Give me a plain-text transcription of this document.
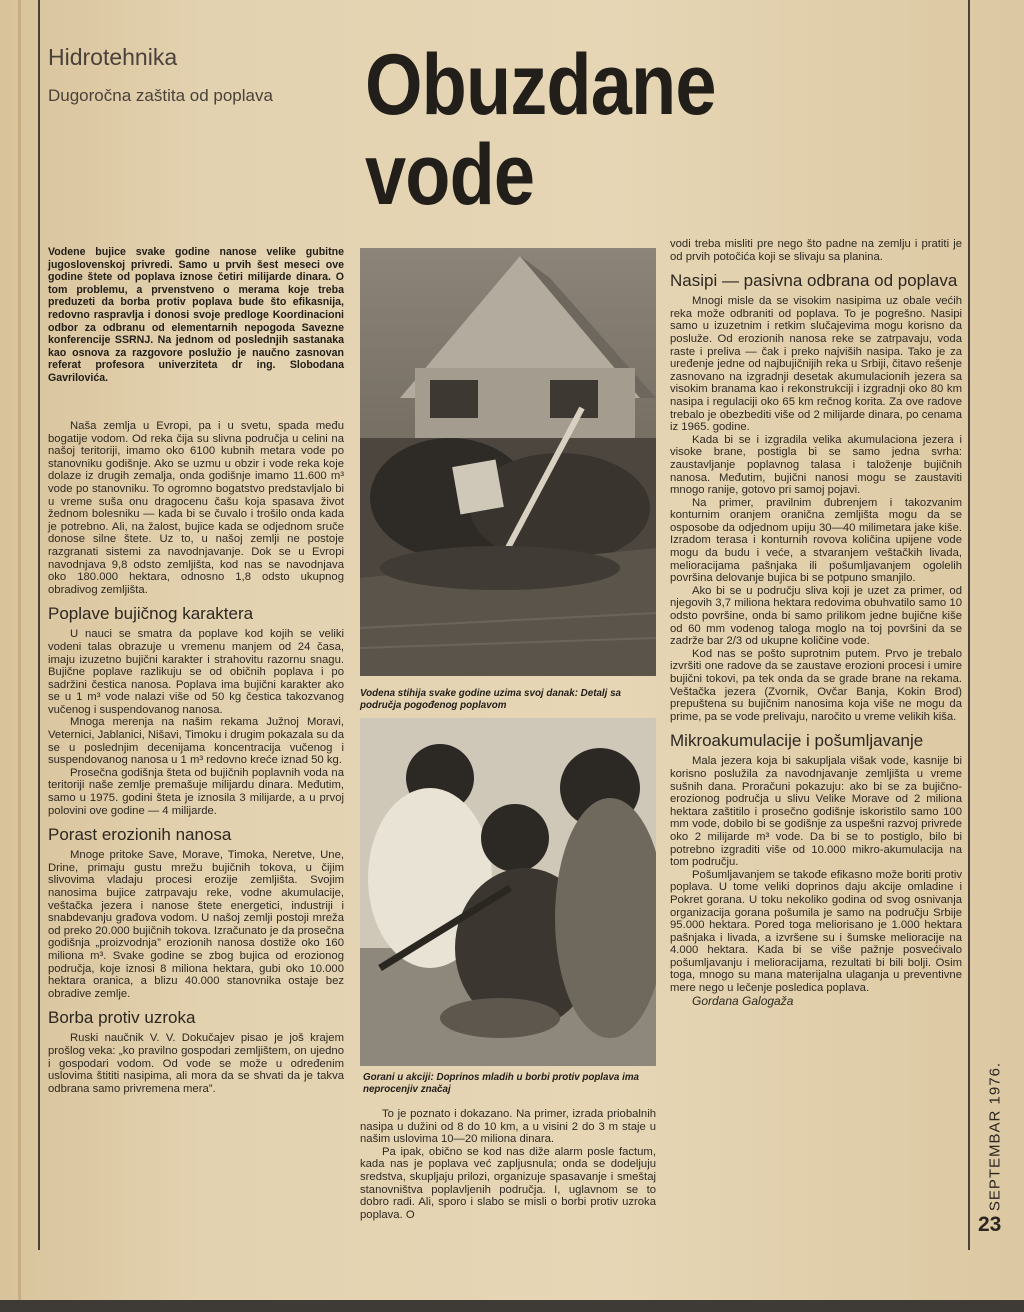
Hidrotehnika
Dugoročna zaštita od poplava Obuzdane
vode
Vodene bujice svake godine nanose velike gubitne jugoslovenskoj privredi. Samo u prvih šest meseci ove godine štete od poplava iznose četiri milijarde dinara. O tom problemu, a prvenstveno o merama koje treba preduzeti da borba protiv poplava bude što efikasnija, redovno raspravlja i donosi svoje predloge Koordinacioni odbor za odbranu od elementarnih nepogoda Savezne konferencije SSRNJ. Na jednom od poslednjih sastanaka kao osnova za razgovore poslužio je naučno zasnovan referat profesora univerziteta dr ing. Slobodana Gavrilovića.

Naša zemlja u Evropi, pa i u svetu, spada među bogatije vodom. Od reka čija su slivna područja u celini na našoj teritoriji, imamo oko 6100 kubnih metara vode po stanovniku godišnje. Ako se uzmu u obzir i vode reka koje dolaze iz drugih zemalja, onda godišnje imamo 11.600 m³ vode po stanovniku. To ogromno bogatstvo predstavljalo bi u vreme suša onu dragocenu čašu koja spasava život žednom bolesniku — kada bi se čuvalo i trošilo onda kada je potrebno. Ali, na žalost, bujice kada se odjednom sruče donose silne štete. Uz to, u našoj zemlji ne postoje razgranati sistemi za navodnjavanje. Dok se u Evropi navodnjava 9,8 odsto zemljišta, kod nas se navodnjava oko 180.000 hektara, odnosno 1,8 odsto ukupnog obradivog zemljišta.

Poplave bujičnog karaktera

U nauci se smatra da poplave kod kojih se veliki vodeni talas obrazuje u vremenu manjem od 24 časa, imaju izuzetno bujični karakter i strahovitu razornu snagu. Bujične poplave razlikuju se od običnih poplava i po sadržini čestica nanosa. Poplava ima bujični karakter ako se u 1 m³ vode nalazi više od 50 kg čestica takozvanog vučenog i suspendovanog nanosa.

Mnoga merenja na našim rekama Južnoj Moravi, Veternici, Jablanici, Nišavi, Timoku i drugim pokazala su da se u poslednjim decenijama koncentracija vučenog i suspendovanog nanosa u 1 m³ redovno kreće iznad 50 kg.

Prosečna godišnja šteta od bujičnih poplavnih voda na teritoriji naše zemlje premašuje milijardu dinara. Međutim, samo u 1975. godini šteta je iznosila 3 milijarde, a u prvoj polovini ove godine — 4 milijarde.

Porast erozionih nanosa

Mnoge pritoke Save, Morave, Timoka, Neretve, Une, Drine, primaju gustu mrežu bujičnih tokova, u čijim slivovima vladaju procesi erozije zemljišta. Svojim nanosima bujice zatrpavaju reke, vodne akumulacije, veštačka jezera i nanose štete energetici, industriji i snabdevanju građova vodom. U našoj zemlji postoji mreža od preko 20.000 bujičnih tokova. Izračunato je da prosečna godišnja „proizvodnja” erozionih nanosa dostiže oko 160 miliona m³. Svake godine se zbog bujica od erozionog područja, koje iznosi 8 miliona hektara, gubi oko 10.000 hektara oranica, a blizu 40.000 stanovnika ostaje bez obradive zemlje.

Borba protiv uzroka

Ruski naučnik V. V. Dokučajev pisao je još krajem prošlog veka: „ko pravilno gospodari zemljištem, on ujedno i gospodari vodom. Od vode se može u određenim uslovima štititi nasipima, ali mora da se shvati da je takva odbrana samo privremena mera”.

Vodena stihija svake godine uzima svoj danak: Detalj sa područja pogođenog poplavom
Gorani u akciji: Doprinos mladih u borbi protiv poplava ima neprocenjiv značaj

To je poznato i dokazano. Na primer, izrada priobalnih nasipa u dužini od 8 do 10 km, a u visini 2 do 3 m staje u našim uslovima 10—20 miliona dinara.

Pa ipak, obično se kod nas diže alarm posle factum, kada nas je poplava već zapljusnula; onda se dodeljuju sredstva, skupljaju prilozi, organizuje spasavanje i smeštaj stanovništva poplavljenih područja. I, uglavnom se to dobro radi. Ali, sporo i slabo se misli o borbi protiv uzroka poplava. O

vodi treba misliti pre nego što padne na zemlju i pratiti je od prvih potočića koji se slivaju sa planina.

Nasipi — pasivna odbrana od poplava

Mnogi misle da se visokim nasipima uz obale većih reka može odbraniti od poplava. To je pogrešno. Nasipi samo u izuzetnim i retkim slučajevima mogu korisno da posluže. Od erozionih nanosa reke se zatrpavaju, voda raste i preliva — čak i preko najviših nasipa. Tako je za uređenje jedne od najbujičnijih reka u Srbiji, čitavo rešenje zasnovano na izgradnji desetak akumulacionih jezera sa visokim branama kao i rekonstrukciji i izgradnji oko 80 km nasipa i regulaciji oko 65 km rečnog korita. Za ove radove trebalo je obezbediti više od 2 milijarde dinara, po cenama iz 1965. godine.

Kada bi se i izgradila velika akumulaciona jezera i visoke brane, postigla bi se samo jedna svrha: zaustavljanje poplavnog talasa i taloženje bujičnih nanosa. Međutim, bujični nanosi mogu se zaustaviti mnogo ranije, gotovo pri samoj pojavi.

Na primer, pravilnim đubrenjem i takozvanim konturnim oranjem oranična zemljišta mogu da se osposobe da odjednom upiju 30—40 milimetara jake kiše. Izradom terasa i konturnih rovova količina upijene vode mogu da budu i veće, a stvaranjem veštačkih livada, melioracijama pašnjaka ili pošumljavanjem ogolelih površina delovanje bujica bi se potpuno smanjilo.

Ako bi se u području sliva koji je uzet za primer, od njegovih 3,7 miliona hektara redovima obuhvatilo samo 10 odsto površine, onda bi samo prilikom jedne bujične kiše od 60 mm vodenog taloga moglo na toj površini da se zadrže bar 2/3 od ukupne količine vode.

Kod nas se pošto suprotnim putem. Prvo je trebalo izvršiti one radove da se zaustave erozioni procesi i umire bujični tokovi, pa tek onda da se grade brane na rekama. Veštačka jezera (Zvornik, Ovčar Banja, Kokin Brod) prepuštena su bujičnim nanosima koja više ne mogu da prime, pa se vode prelivaju, naročito u vreme velikih kiša.

Mikroakumulacije i pošumljavanje

Mala jezera koja bi sakupljala višak vode, kasnije bi korisno poslužila za navodnjavanje zemljišta u vreme sušnih dana. Proračuni pokazuju: ako bi se za bujično-erozionog područja u slivu Velike Morave od 2 miliona hektara zaštitilo i prosečno godišnje iskoristilo samo 100 mm vode, dobilo bi se godišnje za uspešni razvoj privrede oko 2 milijarde m³ vode. Da bi se to postiglo, bilo bi potrebno izgraditi više od 10.000 mikro-akumulacija na tom području.

Pošumljavanjem se takođe efikasno može boriti protiv poplava. U tome veliki doprinos daju akcije omladine i Pokret gorana. U toku nekoliko godina od svog osnivanja organizacija gorana pošumila je samo na području Srbije 95.000 hektara. Pored toga meliorisano je 1.000 hektara pašnjaka i livada, a izvršene su i šumske melioracije na 4.000 hektara. Kada bi se više pažnje posvećivalo pošumljavanju i melioracijama, rezultati bi bili bolji. Osim toga, mnogo su mana materijalna ulaganja u preventivne mere nego u lečenje posledica poplava.

Gordana Galogaža

SEPTEMBAR 1976.
23
